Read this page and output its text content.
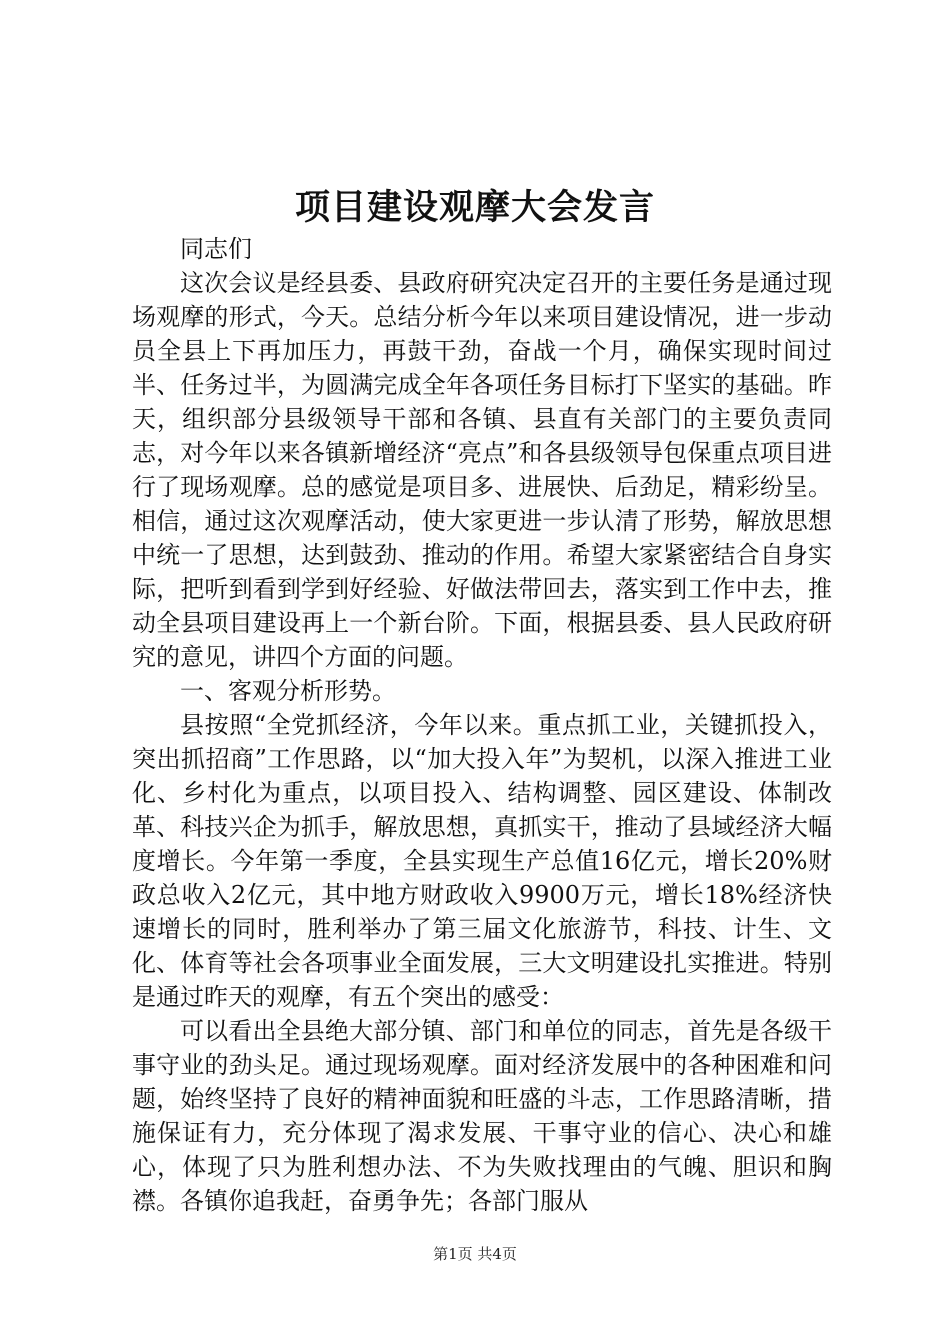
项目建设观摩大会发言

同志们

这次会议是经县委、县政府研究决定召开的主要任务是通过现场观摩的形式，今天。总结分析今年以来项目建设情况，进一步动员全县上下再加压力，再鼓干劲，奋战一个月，确保实现时间过半、任务过半，为圆满完成全年各项任务目标打下坚实的基础。昨天，组织部分县级领导干部和各镇、县直有关部门的主要负责同志，对今年以来各镇新增经济“亮点”和各县级领导包保重点项目进行了现场观摩。总的感觉是项目多、进展快、后劲足，精彩纷呈。相信，通过这次观摩活动，使大家更进一步认清了形势，解放思想中统一了思想，达到鼓劲、推动的作用。希望大家紧密结合自身实际，把听到看到学到好经验、好做法带回去，落实到工作中去，推动全县项目建设再上一个新台阶。下面，根据县委、县人民政府研究的意见，讲四个方面的问题。

一、客观分析形势。

县按照“全党抓经济，今年以来。重点抓工业，关键抓投入，突出抓招商”工作思路，以“加大投入年”为契机，以深入推进工业化、乡村化为重点，以项目投入、结构调整、园区建设、体制改革、科技兴企为抓手，解放思想，真抓实干，推动了县域经济大幅度增长。今年第一季度，全县实现生产总值16亿元，增长20%财政总收入2亿元，其中地方财政收入9900万元，增长18%经济快速增长的同时，胜利举办了第三届文化旅游节，科技、计生、文化、体育等社会各项事业全面发展，三大文明建设扎实推进。特别是通过昨天的观摩，有五个突出的感受：

可以看出全县绝大部分镇、部门和单位的同志，首先是各级干事守业的劲头足。通过现场观摩。面对经济发展中的各种困难和问题，始终坚持了良好的精神面貌和旺盛的斗志，工作思路清晰，措施保证有力，充分体现了渴求发展、干事守业的信心、决心和雄心，体现了只为胜利想办法、不为失败找理由的气魄、胆识和胸襟。各镇你追我赶，奋勇争先；各部门服从

第1页 共4页
